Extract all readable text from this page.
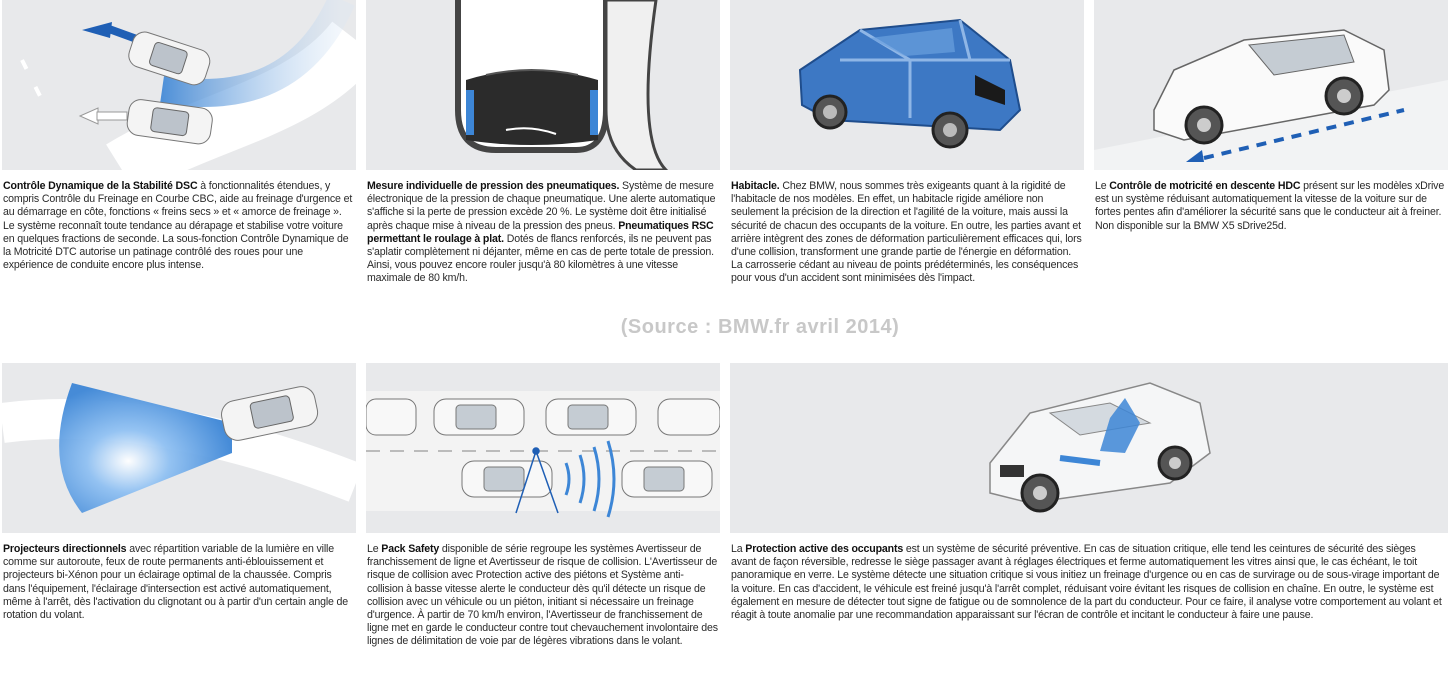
Contrôle Dynamique de la Stabilité DSC à fonctionnalités étendues, y compris Contrôle du Freinage en Courbe CBC, aide au freinage d'urgence et au démarrage en côte, fonctions « freins secs » et « amorce de freinage ». Le système reconnaît toute tendance au dérapage et stabilise votre voiture en quelques fractions de seconde. La sous-fonction Contrôle Dynamique de la Motricité DTC autorise un patinage contrôlé des roues pour une expérience de conduite encore plus intense.
Mesure individuelle de pression des pneumatiques. Système de mesure électronique de la pression de chaque pneumatique. Une alerte automatique s'affiche si la perte de pression excède 20 %. Le système doit être initialisé après chaque mise à niveau de la pression des pneus. Pneumatiques RSC permettant le roulage à plat. Dotés de flancs renforcés, ils ne peuvent pas s'aplatir complètement ni déjanter, même en cas de perte totale de pression. Ainsi, vous pouvez encore rouler jusqu'à 80 kilomètres à une vitesse maximale de 80 km/h.
Habitacle. Chez BMW, nous sommes très exigeants quant à la rigidité de l'habitacle de nos modèles. En effet, un habitacle rigide améliore non seulement la précision de la direction et l'agilité de la voiture, mais aussi la sécurité de chacun des occupants de la voiture. En outre, les parties avant et arrière intègrent des zones de déformation particulièrement efficaces qui, lors d'une collision, transforment une grande partie de l'énergie en déformation. La carrosserie cédant au niveau de points prédéterminés, les conséquences pour vous d'un accident sont minimisées dès l'impact.
Le Contrôle de motricité en descente HDC présent sur les modèles xDrive est un système réduisant automatiquement la vitesse de la voiture sur de fortes pentes afin d'améliorer la sécurité sans que le conducteur ait à freiner. Non disponible sur la BMW X5 sDrive25d.
(Source : BMW.fr avril 2014)
Projecteurs directionnels avec répartition variable de la lumière en ville comme sur autoroute, feux de route permanents anti-éblouissement et projecteurs bi-Xénon pour un éclairage optimal de la chaussée. Compris dans l'équipement, l'éclairage d'intersection est activé automatiquement, même à l'arrêt, dès l'activation du clignotant ou à partir d'un certain angle de rotation du volant.
Le Pack Safety disponible de série regroupe les systèmes Avertisseur de franchissement de ligne et Avertisseur de risque de collision. L'Avertisseur de risque de collision avec Protection active des piétons et Système anti-collision à basse vitesse alerte le conducteur dès qu'il détecte un risque de collision avec un véhicule ou un piéton, initiant si nécessaire un freinage d'urgence. À partir de 70 km/h environ, l'Avertisseur de franchissement de ligne met en garde le conducteur contre tout chevauchement involontaire des lignes de délimitation de voie par de légères vibrations dans le volant.
La Protection active des occupants est un système de sécurité préventive. En cas de situation critique, elle tend les ceintures de sécurité des sièges avant de façon réversible, redresse le siège passager avant à réglages électriques et ferme automatiquement les vitres ainsi que, le cas échéant, le toit panoramique en verre. Le système détecte une situation critique si vous initiez un freinage d'urgence ou en cas de survirage ou de sous-virage important de la voiture. En cas d'accident, le véhicule est freiné jusqu'à l'arrêt complet, réduisant voire évitant les risques de collision en chaîne. En outre, le système est également en mesure de détecter tout signe de fatigue ou de somnolence de la part du conducteur. Pour ce faire, il analyse votre comportement au volant et réagit à toute anomalie par une recommandation apparaissant sur l'écran de contrôle et incitant le conducteur à faire une pause.
